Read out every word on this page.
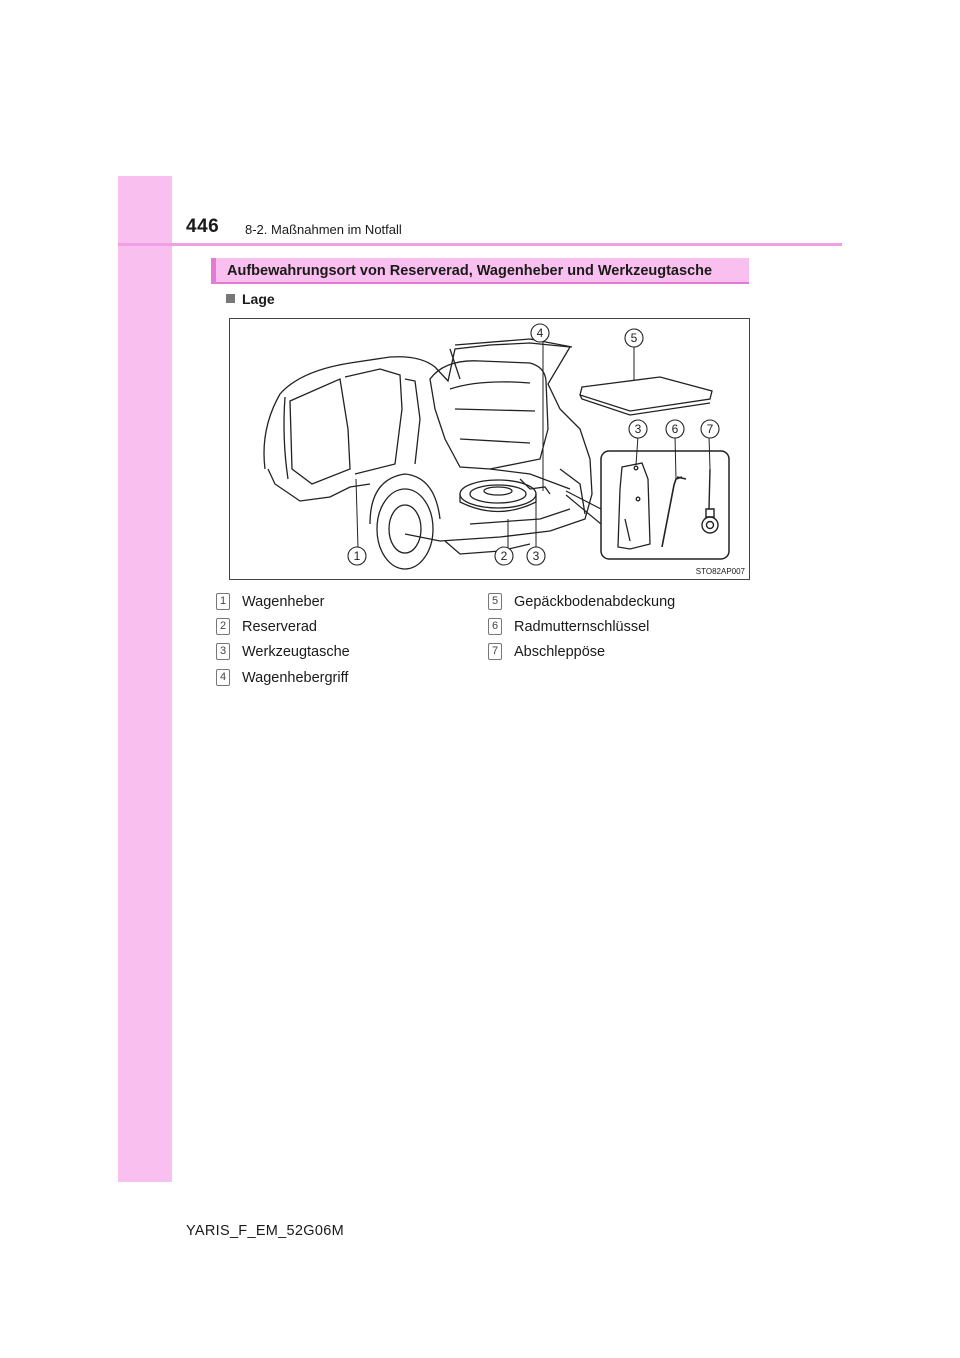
446 8-2. Maßnahmen im Notfall
Aufbewahrungsort von Reserverad, Wagenheber und Werkzeugtasche
Lage
1	2 3
4	5
3	6 7
STO82AP007
1 Wagenheber
2 Reserverad
3 Werkzeugtasche
4 Wagenhebergriff
5 Gepäckbodenabdeckung
6 Radmutternschlüssel
7 Abschleppöse
YARIS_F_EM_52G06M
